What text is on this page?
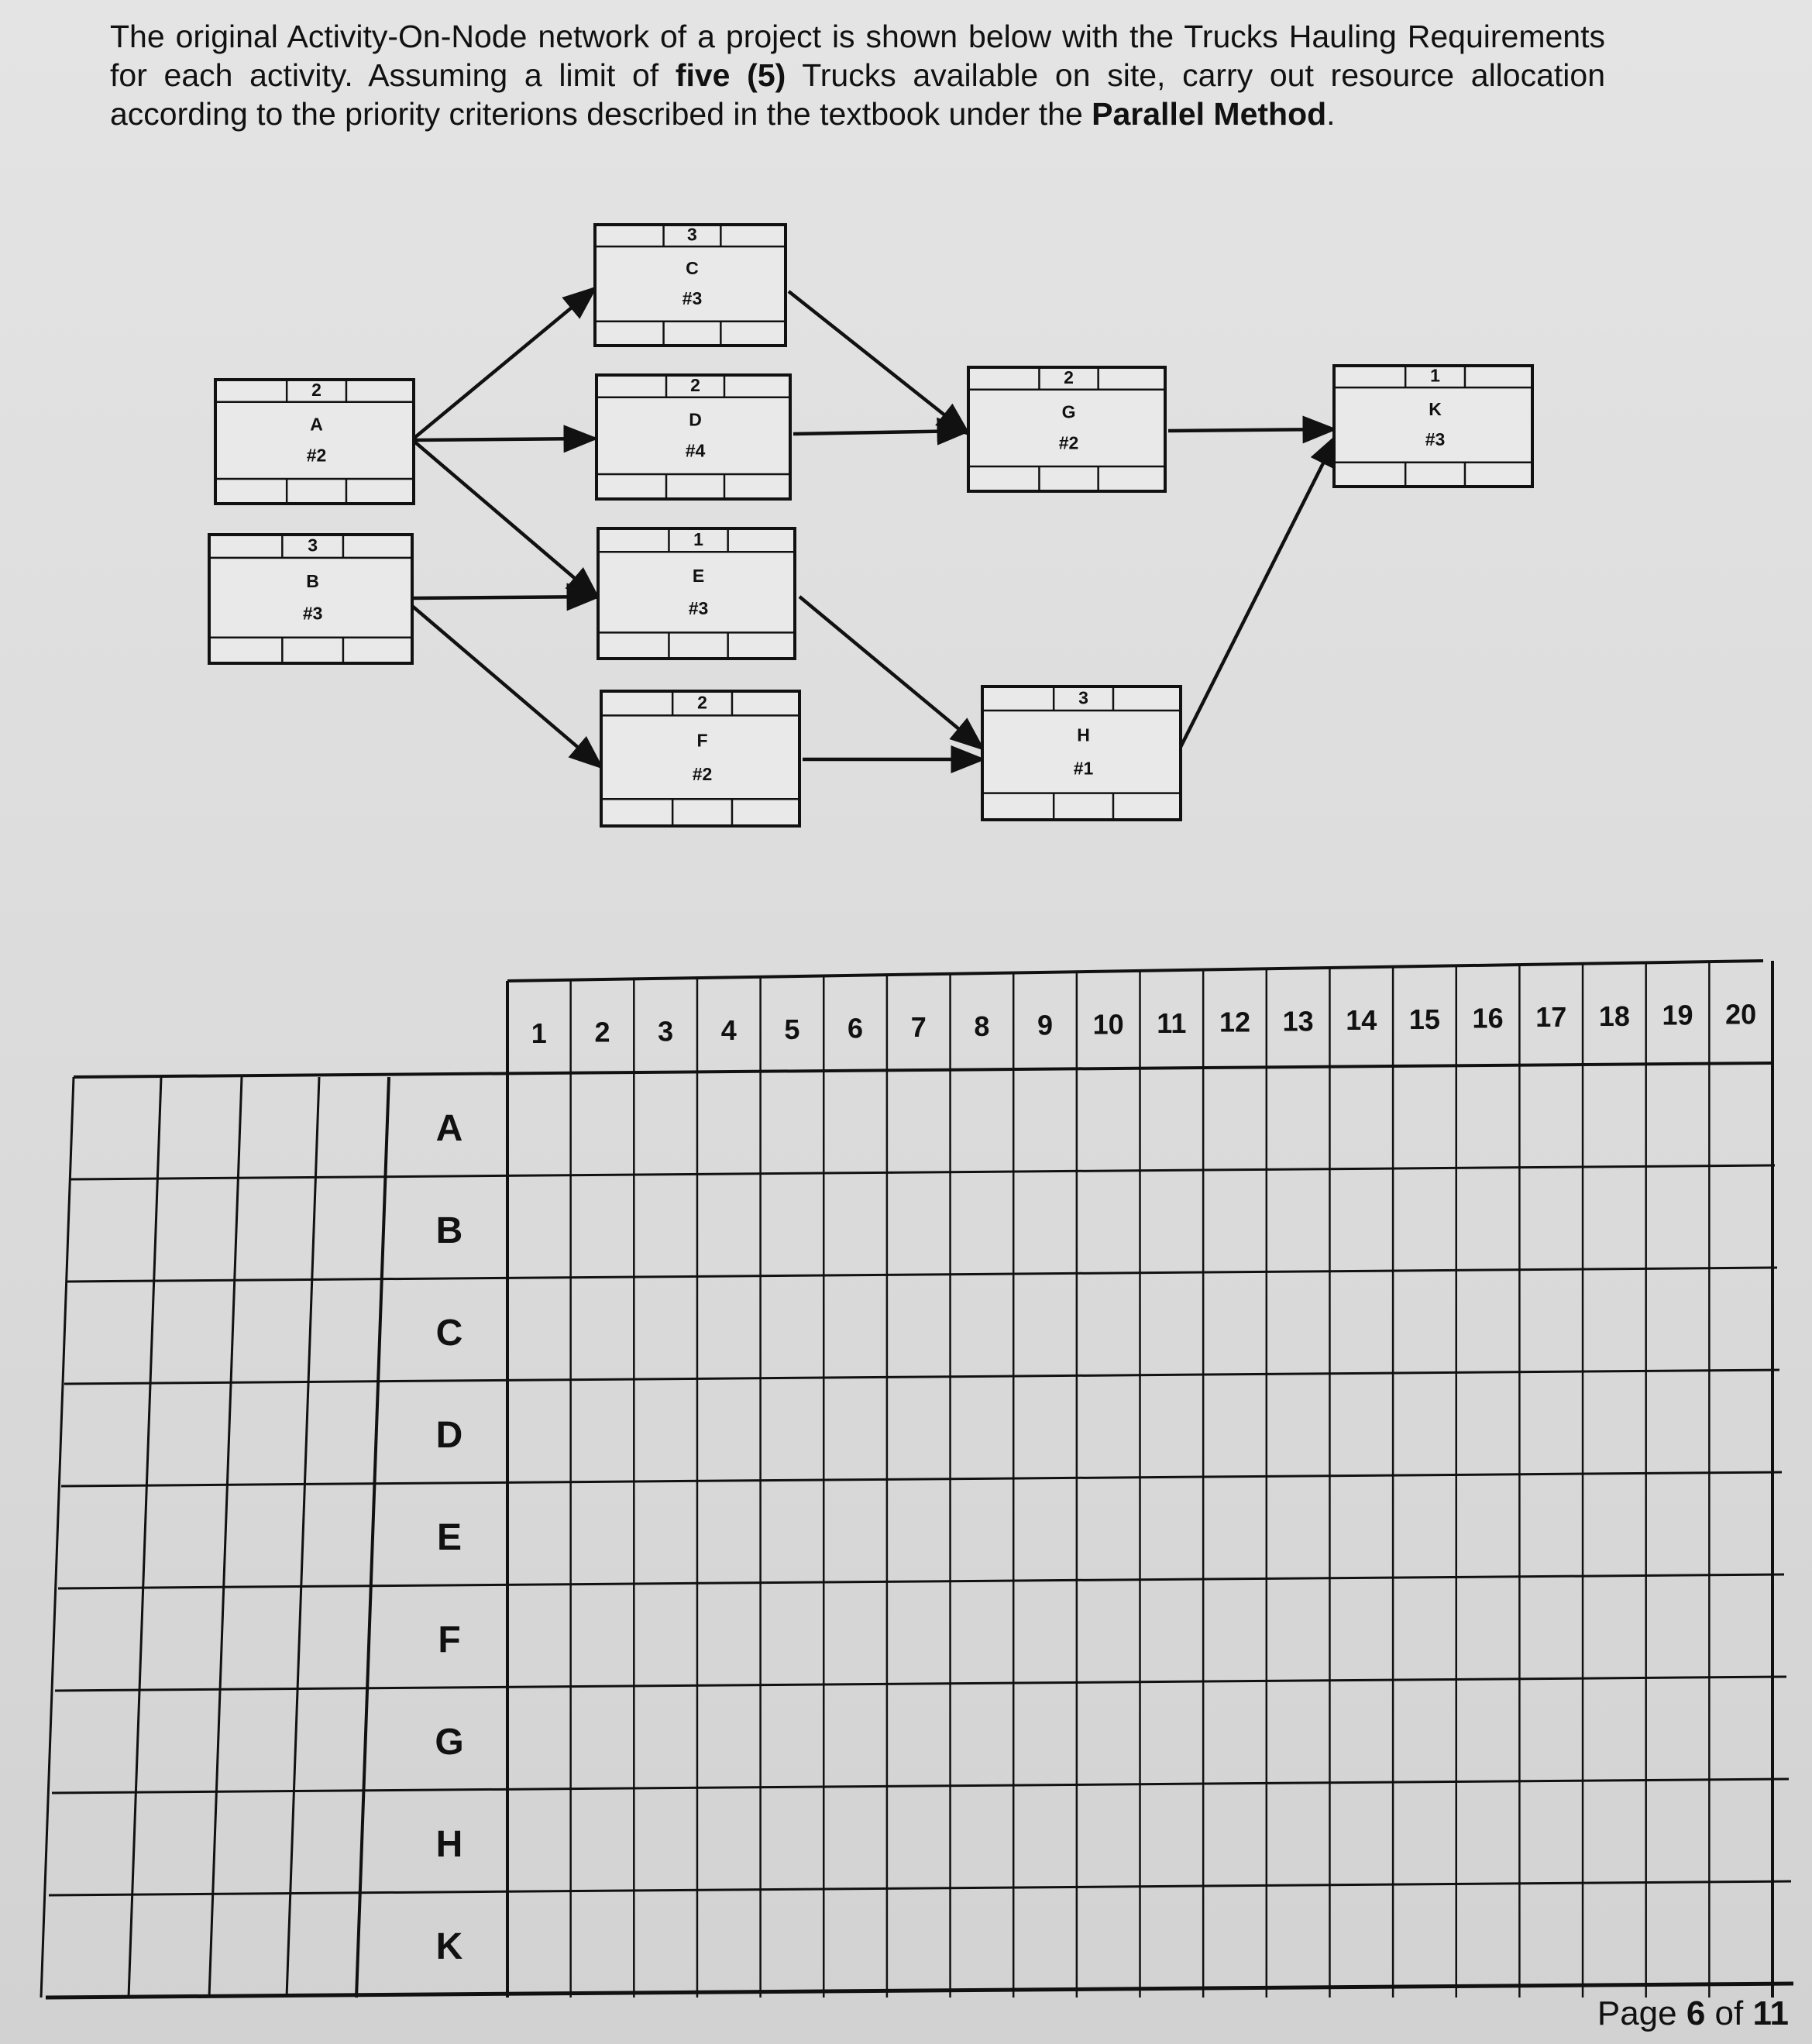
The original Activity-On-Node network of a project is shown below with the Trucks Hauling Requirements for each activity. Assuming a limit of five (5) Trucks available on site, carry out resource allocation according to the priority criterions described in the textbook under the Parallel Method.
2
A
#2
3
B
#3
3
C
#3
2
D
#4
1
E
#3
2
F
#2
2
G
#2
3
H
#1
1
K
#3
1 2 3 4 5 6 7 8 9 10 11 12 13 14 15 16 17 18 19 20
A
B
C
D
E
F
G
H
K
Page 6 of 11
